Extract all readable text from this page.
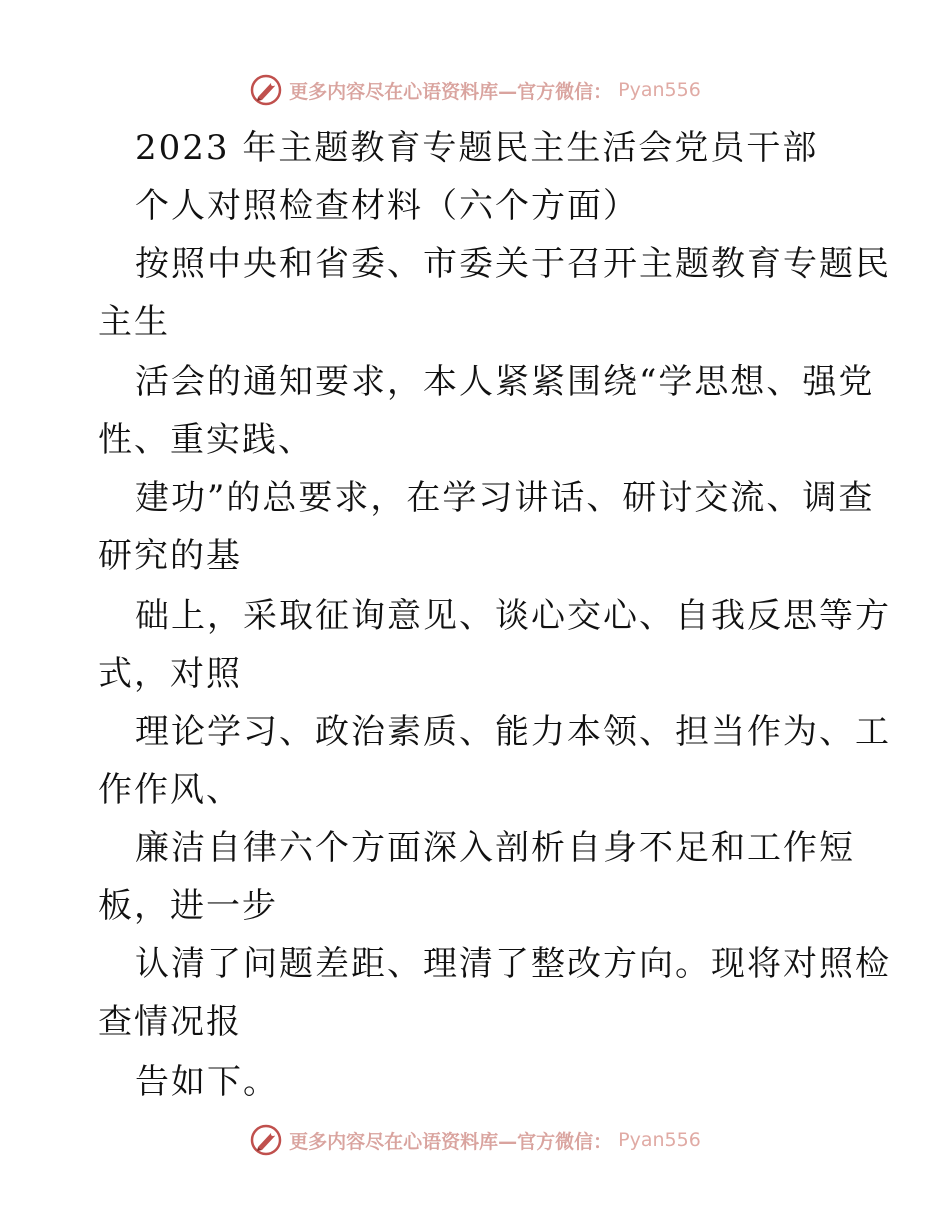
更多内容尽在心语资料库—官方微信： Pyan556
2023 年主题教育专题民主生活会党员干部
个人对照检查材料（六个方面）
按照中央和省委、市委关于召开主题教育专题民
主生
活会的通知要求，本人紧紧围绕“学思想、强党
性、重实践、
建功”的总要求，在学习讲话、研讨交流、调查
研究的基
础上，采取征询意见、谈心交心、自我反思等方
式，对照
理论学习、政治素质、能力本领、担当作为、工
作作风、
廉洁自律六个方面深入剖析自身不足和工作短
板，进一步
认清了问题差距、理清了整改方向。现将对照检
查情况报
告如下。
更多内容尽在心语资料库—官方微信： Pyan556
